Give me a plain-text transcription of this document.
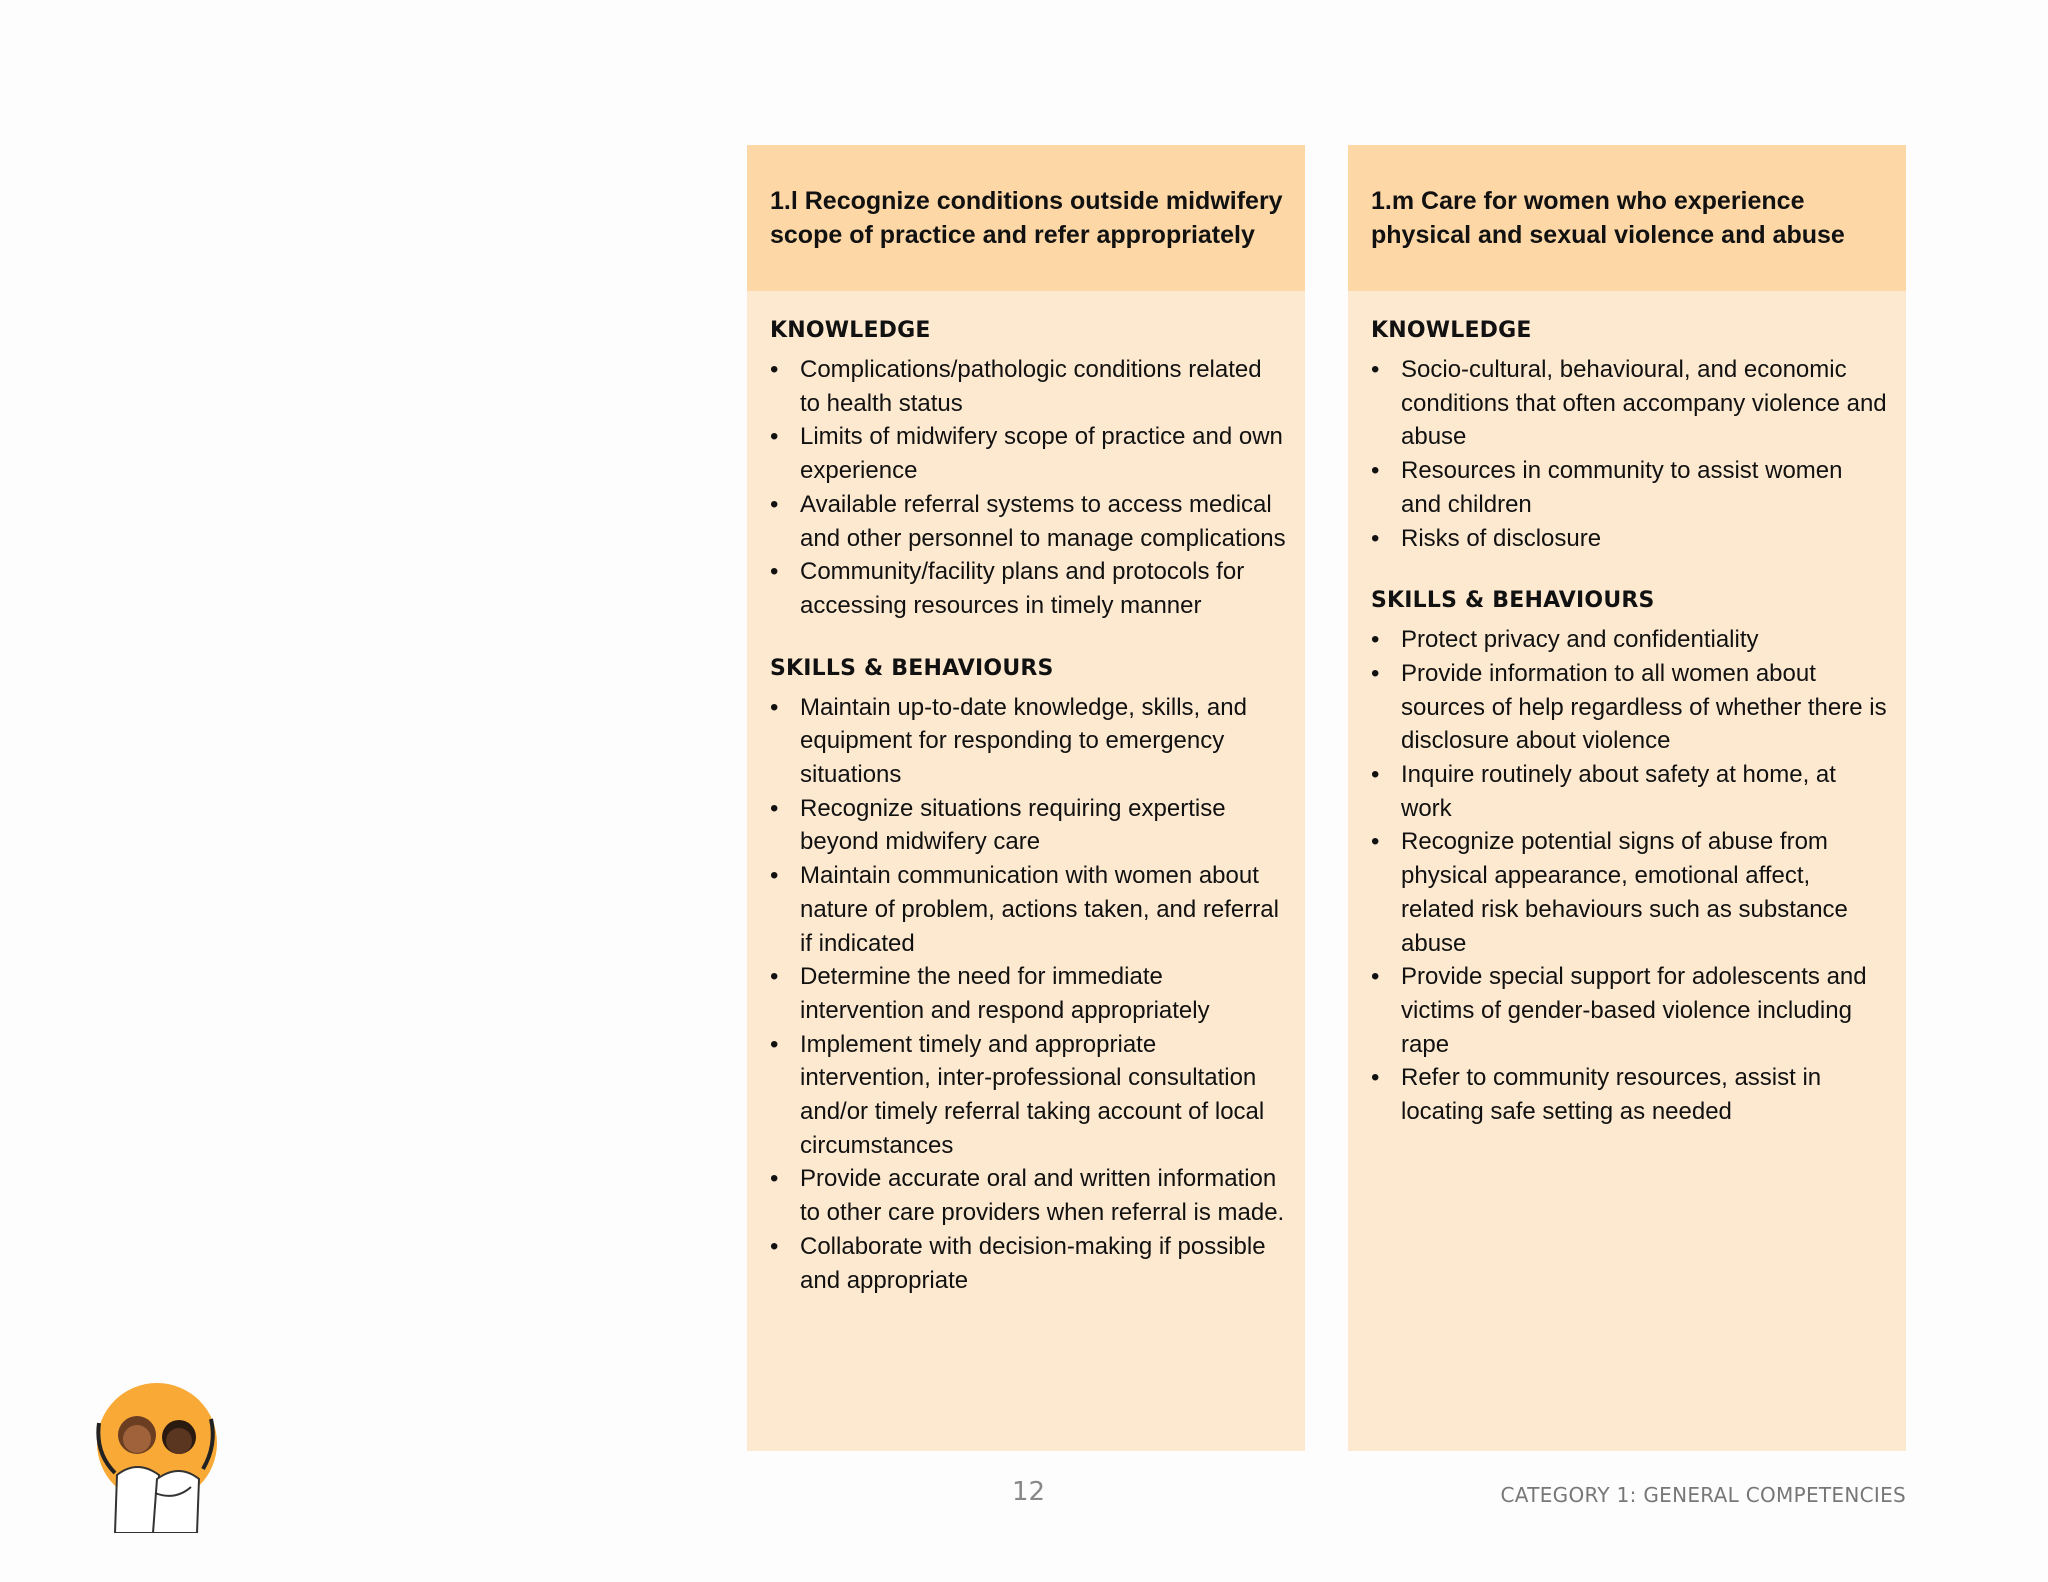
1.l Recognize conditions outside midwifery scope of practice and refer appropriately
KNOWLEDGE
• Complications/pathologic conditions related to health status
• Limits of midwifery scope of practice and own experience
• Available referral systems to access medical and other personnel to manage complications
• Community/facility plans and protocols for accessing resources in timely manner
SKILLS & BEHAVIOURS
• Maintain up-to-date knowledge, skills, and equipment for responding to emergency situations
• Recognize situations requiring expertise beyond midwifery care
• Maintain communication with women about nature of problem, actions taken, and referral if indicated
• Determine the need for immediate intervention and respond appropriately
• Implement timely and appropriate intervention, inter-professional consultation and/or timely referral taking account of local circumstances
• Provide accurate oral and written information to other care providers when referral is made.
• Collaborate with decision-making if possible and appropriate
1.m Care for women who experience physical and sexual violence and abuse
KNOWLEDGE
• Socio-cultural, behavioural, and economic conditions that often accompany violence and abuse
• Resources in community to assist women and children
• Risks of disclosure
SKILLS & BEHAVIOURS
• Protect privacy and confidentiality
• Provide information to all women about sources of help regardless of whether there is disclosure about violence
• Inquire routinely about safety at home, at work
• Recognize potential signs of abuse from physical appearance, emotional affect, related risk behaviours such as substance abuse
• Provide special support for adolescents and victims of gender-based violence including rape
• Refer to community resources, assist in locating safe setting as needed
12	CATEGORY 1: GENERAL COMPETENCIES
